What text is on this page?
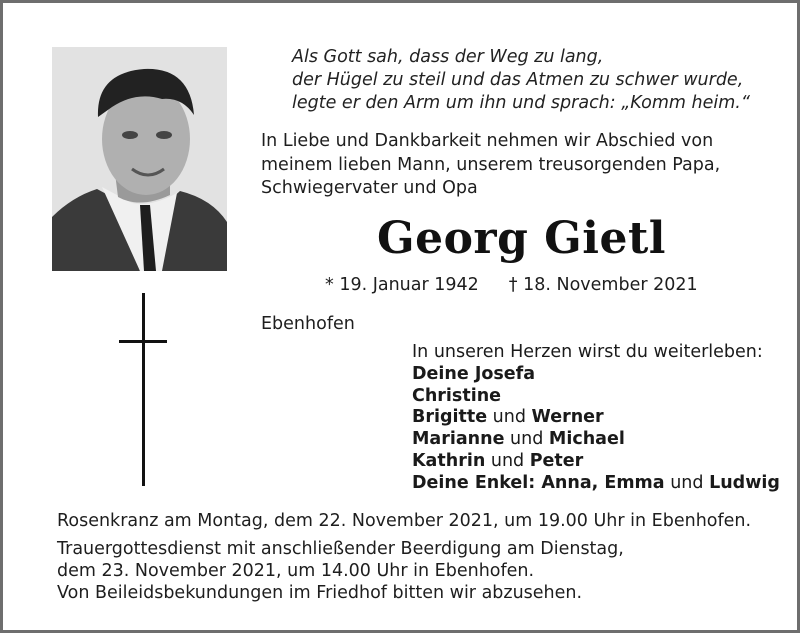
Als Gott sah, dass der Weg zu lang,
der Hügel zu steil und das Atmen zu schwer wurde,
legte er den Arm um ihn und sprach: „Komm heim.“
In Liebe und Dankbarkeit nehmen wir Abschied von
meinem lieben Mann, unserem treusorgenden Papa,
Schwiegervater und Opa
Georg Gietl
* 19. Januar 1942 † 18. November 2021
Ebenhofen
In unseren Herzen wirst du weiterleben:
Deine Josefa
Christine
Brigitte und Werner
Marianne und Michael
Kathrin und Peter
Deine Enkel: Anna, Emma und Ludwig
Rosenkranz am Montag, dem 22. November 2021, um 19.00 Uhr in Ebenhofen.
Trauergottesdienst mit anschließender Beerdigung am Dienstag,
dem 23. November 2021, um 14.00 Uhr in Ebenhofen.
Von Beileidsbekundungen im Friedhof bitten wir abzusehen.
